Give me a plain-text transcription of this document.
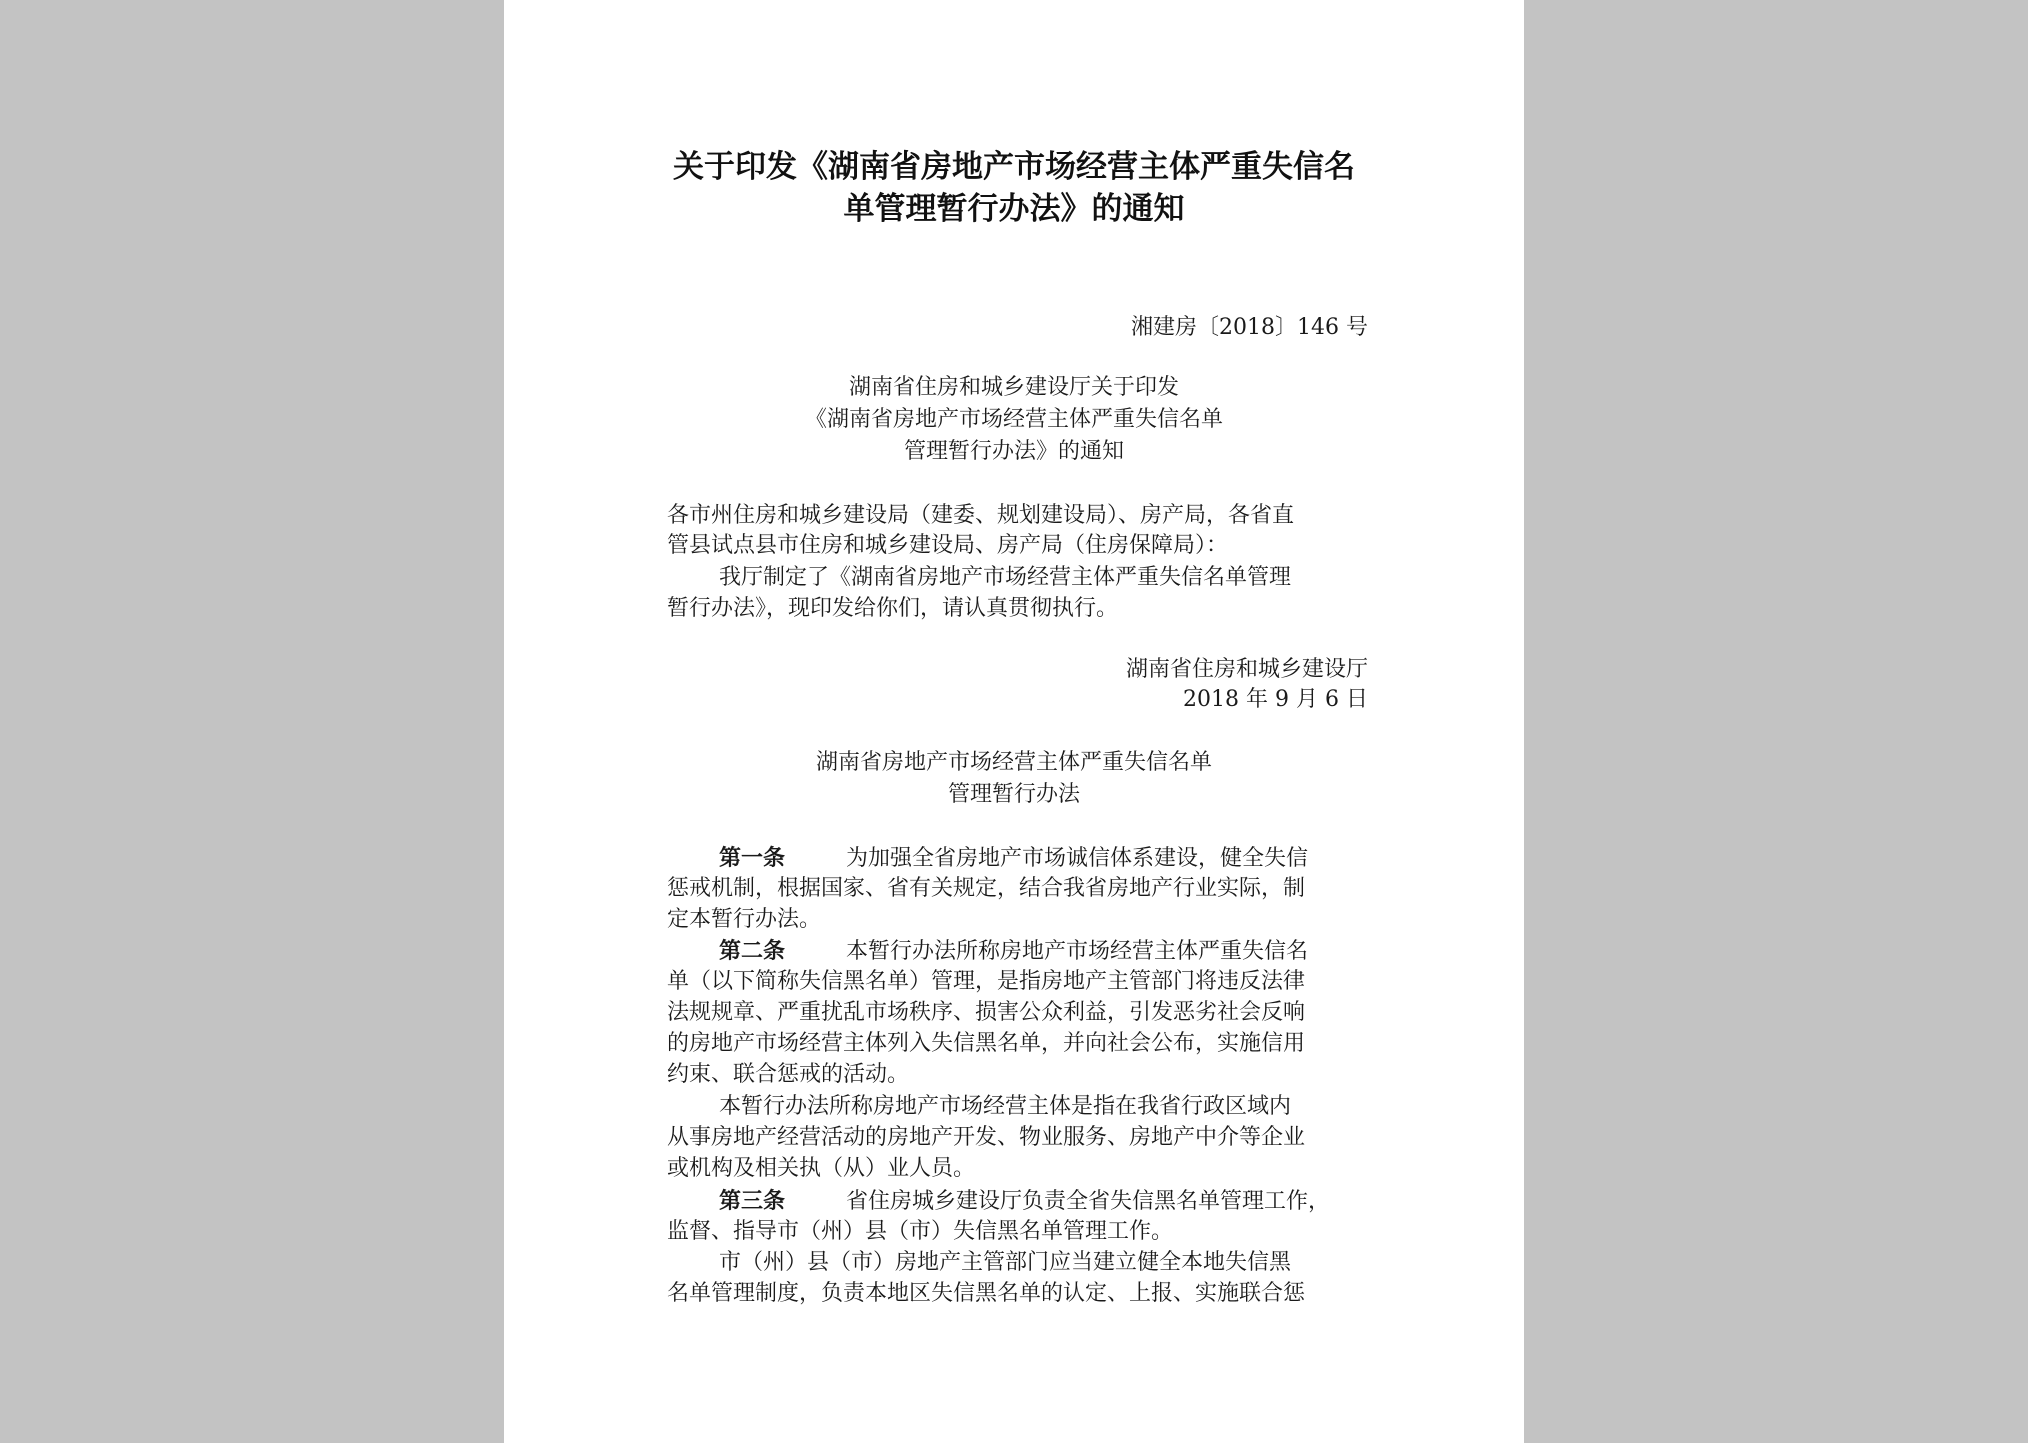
关于印发《湖南省房地产市场经营主体严重失信名
单管理暂行办法》的通知
湘建房〔2018〕146 号
湖南省住房和城乡建设厅关于印发
《湖南省房地产市场经营主体严重失信名单
管理暂行办法》的通知
各市州住房和城乡建设局（建委、规划建设局）、房产局，各省直
管县试点县市住房和城乡建设局、房产局（住房保障局）：
我厅制定了《湖南省房地产市场经营主体严重失信名单管理
暂行办法》，现印发给你们，请认真贯彻执行。
湖南省住房和城乡建设厅
2018 年 9 月 6 日
湖南省房地产市场经营主体严重失信名单
管理暂行办法
第一条	为加强全省房地产市场诚信体系建设，健全失信
惩戒机制，根据国家、省有关规定，结合我省房地产行业实际，制
定本暂行办法。
第二条	本暂行办法所称房地产市场经营主体严重失信名
单（以下简称失信黑名单）管理，是指房地产主管部门将违反法律
法规规章、严重扰乱市场秩序、损害公众利益，引发恶劣社会反响
的房地产市场经营主体列入失信黑名单，并向社会公布，实施信用
约束、联合惩戒的活动。
本暂行办法所称房地产市场经营主体是指在我省行政区域内
从事房地产经营活动的房地产开发、物业服务、房地产中介等企业
或机构及相关执（从）业人员。
第三条	省住房城乡建设厅负责全省失信黑名单管理工作，
监督、指导市（州）县（市）失信黑名单管理工作。
市（州）县（市）房地产主管部门应当建立健全本地失信黑
名单管理制度，负责本地区失信黑名单的认定、上报、实施联合惩
